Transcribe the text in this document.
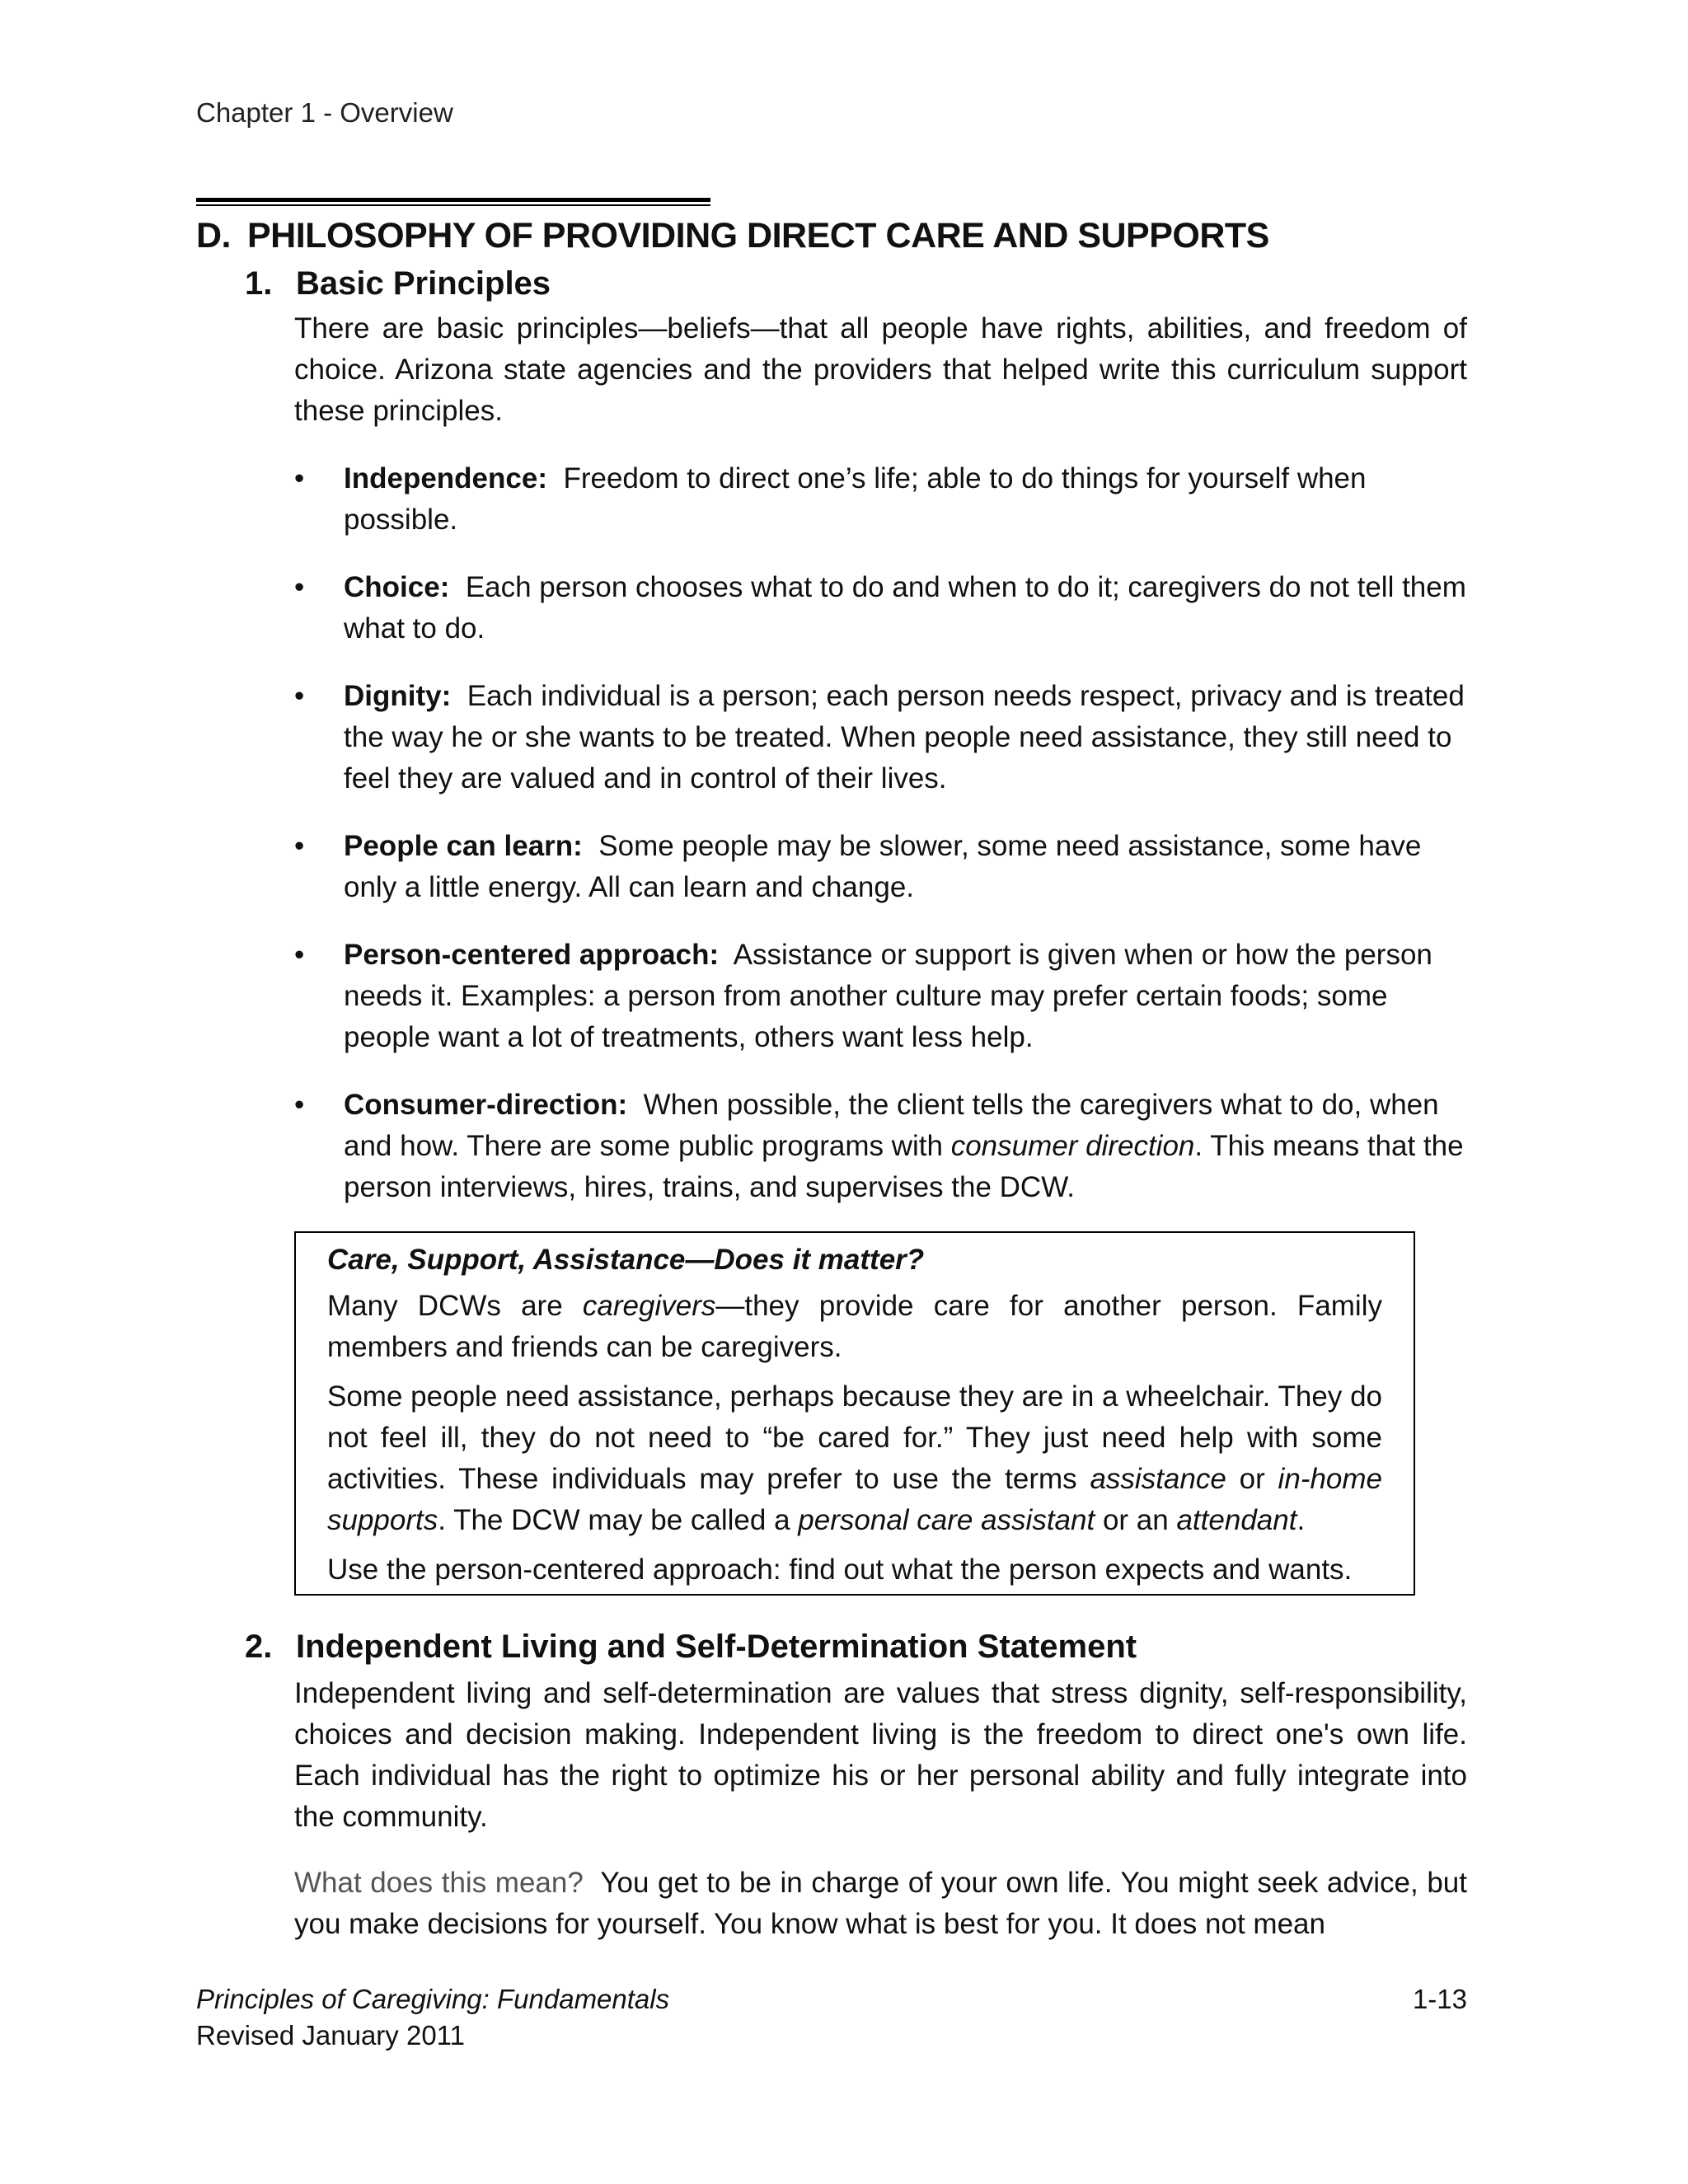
Chapter 1 - Overview
D. PHILOSOPHY OF PROVIDING DIRECT CARE AND SUPPORTS
1. Basic Principles
There are basic principles—beliefs—that all people have rights, abilities, and freedom of choice. Arizona state agencies and the providers that helped write this curriculum support these principles.
•	Independence: Freedom to direct one’s life; able to do things for yourself when possible.
•	Choice: Each person chooses what to do and when to do it; caregivers do not tell them what to do.
•	Dignity: Each individual is a person; each person needs respect, privacy and is treated the way he or she wants to be treated. When people need assistance, they still need to feel they are valued and in control of their lives.
•	People can learn: Some people may be slower, some need assistance, some have only a little energy. All can learn and change.
•	Person-centered approach: Assistance or support is given when or how the person needs it. Examples: a person from another culture may prefer certain foods; some people want a lot of treatments, others want less help.
•	Consumer-direction: When possible, the client tells the caregivers what to do, when and how. There are some public programs with consumer direction. This means that the person interviews, hires, trains, and supervises the DCW.
Care, Support, Assistance—Does it matter?

Many DCWs are caregivers—they provide care for another person. Family members and friends can be caregivers.

Some people need assistance, perhaps because they are in a wheelchair. They do not feel ill, they do not need to “be cared for.” They just need help with some activities. These individuals may prefer to use the terms assistance or in-home supports. The DCW may be called a personal care assistant or an attendant.

Use the person-centered approach: find out what the person expects and wants.

2. Independent Living and Self-Determination Statement
Independent living and self-determination are values that stress dignity, self-responsibility, choices and decision making. Independent living is the freedom to direct one's own life. Each individual has the right to optimize his or her personal ability and fully integrate into the community.
What does this mean? You get to be in charge of your own life. You might seek advice, but you make decisions for yourself. You know what is best for you. It does not mean
Principles of Caregiving: Fundamentals
Revised January 2011
1-13
